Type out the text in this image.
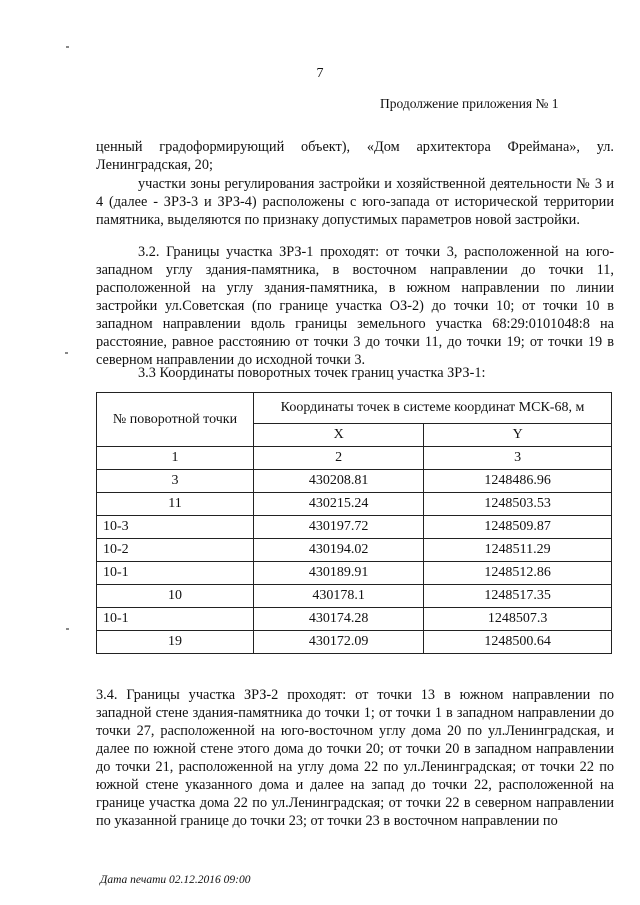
7
Продолжение приложения № 1
ценный градоформирующий объект), «Дом архитектора Фреймана», ул. Ленинградская, 20;
участки зоны регулирования застройки и хозяйственной деятельности № 3 и 4 (далее - ЗРЗ-3 и ЗРЗ-4) расположены с юго-запада от исторической территории памятника, выделяются по признаку допустимых параметров новой застройки.
3.2. Границы участка ЗРЗ-1 проходят: от точки 3, расположенной на юго-западном углу здания-памятника, в восточном направлении до точки 11, расположенной на углу здания-памятника, в южном направлении по линии застройки ул.Советская (по границе участка ОЗ-2) до точки 10; от точки 10 в западном направлении вдоль границы земельного участка 68:29:0101048:8 на расстояние, равное расстоянию от точки 3 до точки 11, до точки 19; от точки 19 в северном направлении до исходной точки 3.
3.3 Координаты поворотных точек границ участка ЗРЗ-1:
№ поворотной точки	Координаты точек в системе координат МСК-68, м	
	X	Y
1	2	3
3	430208.81	1248486.96
11	430215.24	1248503.53
10-3	430197.72	1248509.87
10-2	430194.02	1248511.29
10-1	430189.91	1248512.86
10	430178.1	1248517.35
10-1	430174.28	1248507.3
19	430172.09	1248500.64
3.4. Границы участка ЗРЗ-2 проходят: от точки 13 в южном направлении по западной стене здания-памятника до точки 1; от точки 1 в западном направлении до точки 27, расположенной на юго-восточном углу дома 20 по ул.Ленинградская, и далее по южной стене этого дома до точки 20; от точки 20 в западном направлении до точки 21, расположенной на углу дома 22 по ул.Ленинградская; от точки 22 по южной стене указанного дома и далее на запад до точки 22, расположенной на границе участка дома 22 по ул.Ленинградская; от точки 22 в северном направлении по указанной границе до точки 23; от точки 23 в восточном направлении по
Дата печати 02.12.2016 09:00
